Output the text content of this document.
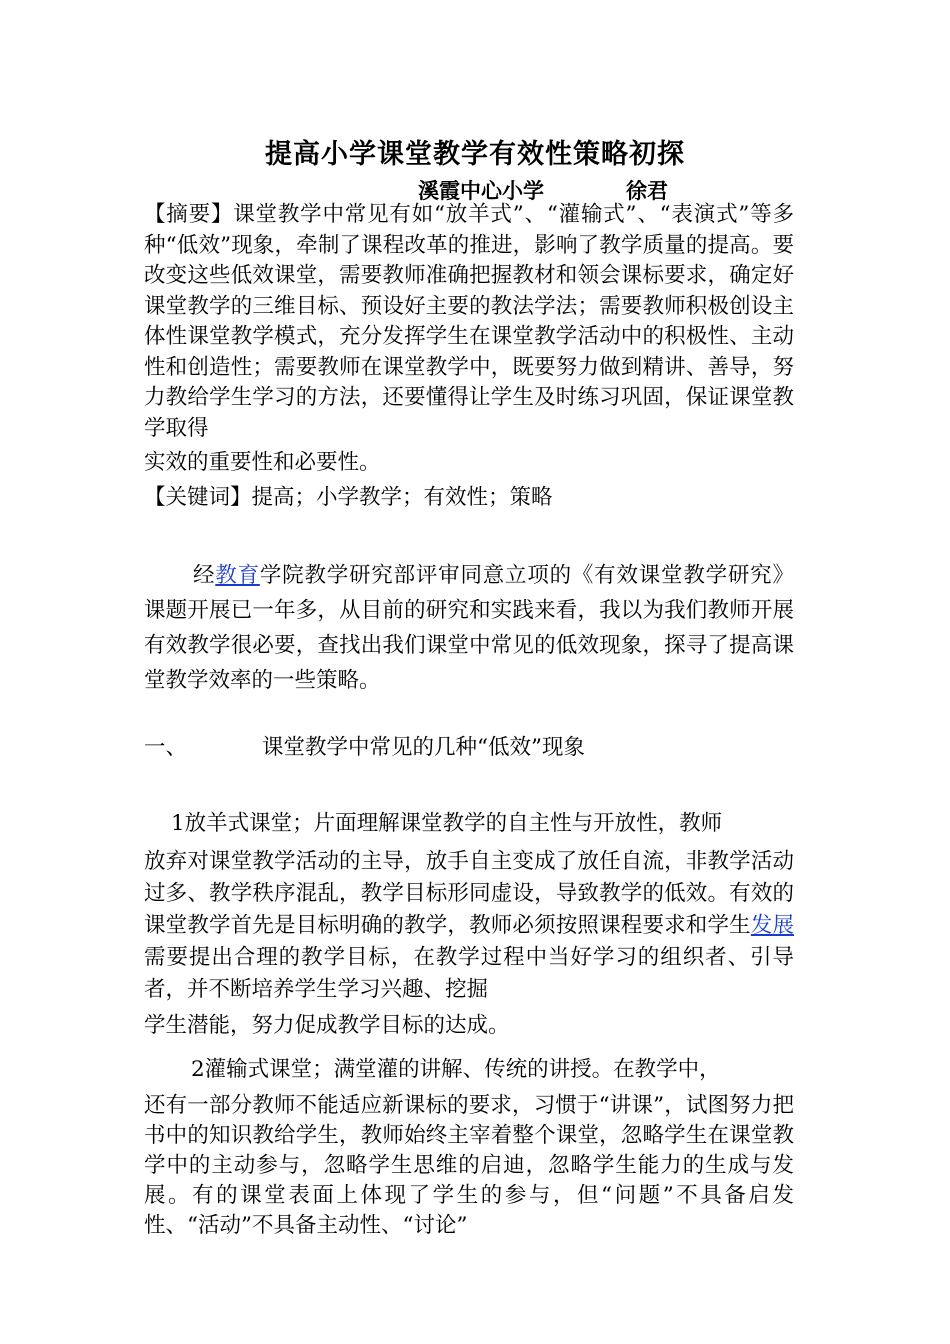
提高小学课堂教学有效性策略初探
溪霞中心小学	徐君
【摘要】课堂教学中常见有如“放羊式”、“灌输式”、“表演式”等多种“低效”现象，牵制了课程改革的推进，影响了教学质量的提高。要改变这些低效课堂，需要教师准确把握教材和领会课标要求，确定好课堂教学的三维目标、预设好主要的教法学法；需要教师积极创设主体性课堂教学模式，充分发挥学生在课堂教学活动中的积极性、主动性和创造性；需要教师在课堂教学中，既要努力做到精讲、善导，努力教给学生学习的方法，还要懂得让学生及时练习巩固，保证课堂教学取得
实效的重要性和必要性。
【关键词】提高；小学教学；有效性；策略
经教育学院教学研究部评审同意立项的《有效课堂教学研究》课题开展已一年多，从目前的研究和实践来看，我以为我们教师开展有效教学很必要，查找出我们课堂中常见的低效现象，探寻了提高课堂教学效率的一些策略。
一、	课堂教学中常见的几种“低效”现象
1放羊式课堂；片面理解课堂教学的自主性与开放性，教师
放弃对课堂教学活动的主导，放手自主变成了放任自流，非教学活动过多、教学秩序混乱，教学目标形同虚设，导致教学的低效。有效的课堂教学首先是目标明确的教学，教师必须按照课程要求和学生发展需要提出合理的教学目标，在教学过程中当好学习的组织者、引导者，并不断培养学生学习兴趣、挖掘
学生潜能，努力促成教学目标的达成。
2灌输式课堂；满堂灌的讲解、传统的讲授。在教学中，
还有一部分教师不能适应新课标的要求，习惯于“讲课”，试图努力把书中的知识教给学生，教师始终主宰着整个课堂，忽略学生在课堂教学中的主动参与，忽略学生思维的启迪，忽略学生能力的生成与发展。有的课堂表面上体现了学生的参与，但“问题”不具备启发性、“活动”不具备主动性、“讨论”
